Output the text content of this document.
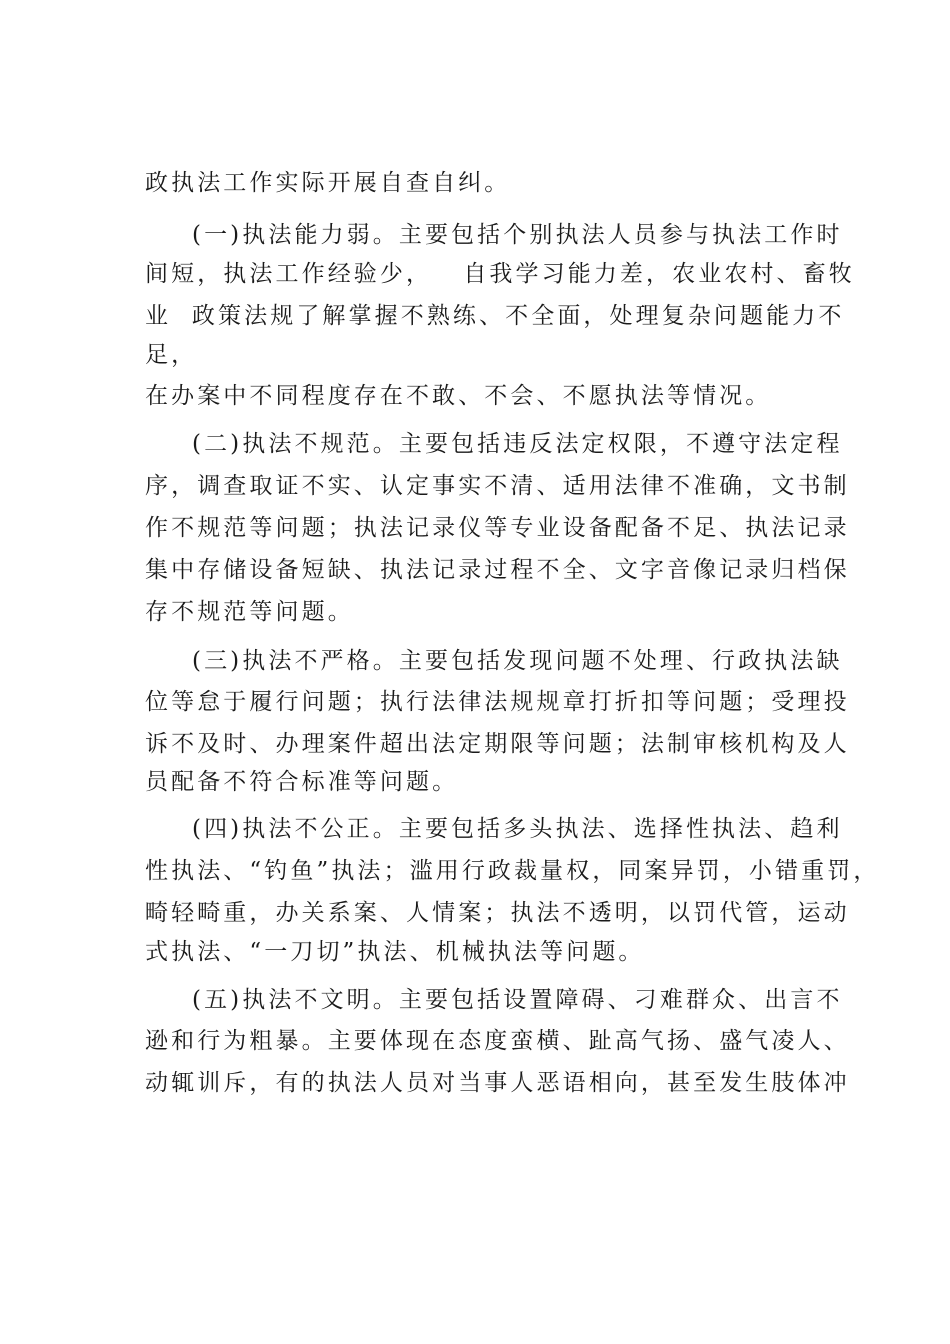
政执法工作实际开展自查自纠。
(一)执法能力弱。主要包括个别执法人员参与执法工作时
间短，执法工作经验少，   自我学习能力差，农业农村、畜牧
业  政策法规了解掌握不熟练、不全面，处理复杂问题能力不
足，
在办案中不同程度存在不敢、不会、不愿执法等情况。
(二)执法不规范。主要包括违反法定权限，不遵守法定程
序，调查取证不实、认定事实不清、适用法律不准确，文书制
作不规范等问题；执法记录仪等专业设备配备不足、执法记录
集中存储设备短缺、执法记录过程不全、文字音像记录归档保
存不规范等问题。
(三)执法不严格。主要包括发现问题不处理、行政执法缺
位等怠于履行问题；执行法律法规规章打折扣等问题；受理投
诉不及时、办理案件超出法定期限等问题；法制审核机构及人
员配备不符合标准等问题。
(四)执法不公正。主要包括多头执法、选择性执法、趋利
性执法、“钓鱼”执法；滥用行政裁量权，同案异罚，小错重罚，
畸轻畸重，办关系案、人情案；执法不透明，以罚代管，运动
式执法、“一刀切”执法、机械执法等问题。
(五)执法不文明。主要包括设置障碍、刁难群众、出言不
逊和行为粗暴。主要体现在态度蛮横、趾高气扬、盛气凌人、
动辄训斥，有的执法人员对当事人恶语相向，甚至发生肢体冲
